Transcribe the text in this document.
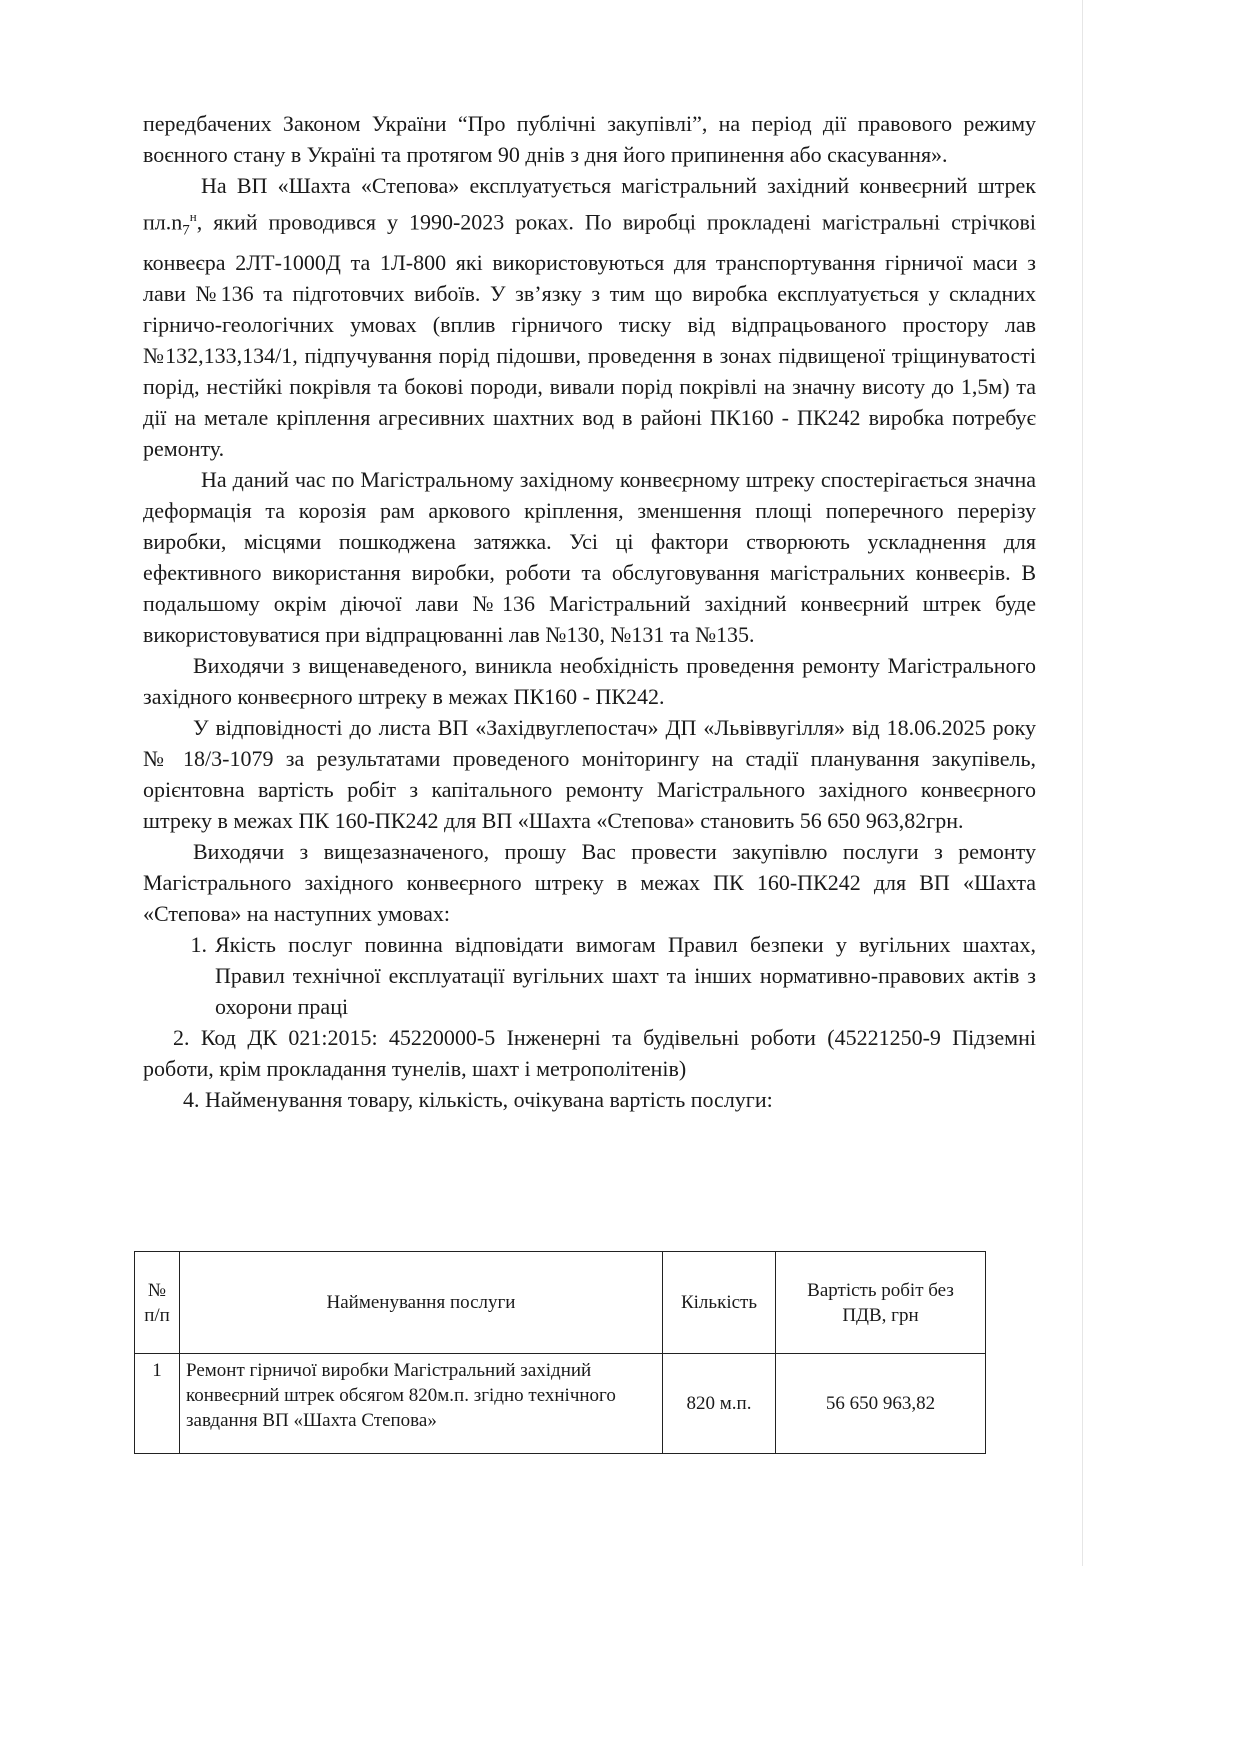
передбачених Законом України “Про публічні закупівлі”, на період дії правового режиму воєнного стану в Україні та протягом 90 днів з дня його припинення або скасування».

На ВП «Шахта «Степова» експлуатується магістральний західний конвеєрний штрек $пл.n_7^н$, який проводився у 1990-2023 роках. По виробці прокладені магістральні стрічкові конвеєра 2ЛТ-1000Д та 1Л-800 які використовуються для транспортування гірничої маси з лави №136 та підготовчих вибоїв. У зв’язку з тим що виробка експлуатується у складних гірничо-геологічних умовах (вплив гірничого тиску від відпрацьованого простору лав №132,133,134/1, підпучування порід підошви, проведення в зонах підвищеної тріщинуватості порід, нестійкі покрівля та бокові породи, вивали порід покрівлі на значну висоту до 1,5м) та дії на метале кріплення агресивних шахтних вод в районі ПК160 - ПК242 виробка потребує ремонту.

На даний час по Магістральному західному конвеєрному штреку спостерігається значна деформація та корозія рам аркового кріплення, зменшення площі поперечного перерізу виробки, місцями пошкоджена затяжка. Усі ці фактори створюють ускладнення для ефективного використання виробки, роботи та обслуговування магістральних конвеєрів. В подальшому окрім діючої лави №136 Магістральний західний конвеєрний штрек буде використовуватися при відпрацюванні лав №130, №131 та №135.

Виходячи з вищенаведеного, виникла необхідність проведення ремонту Магістрального західного конвеєрного штреку в межах ПК160 - ПК242.

У відповідності до листа ВП «Західвуглепостач» ДП «Львіввугілля» від 18.06.2025 року № 18/3-1079 за результатами проведеного моніторингу на стадії планування закупівель, орієнтовна вартість робіт з капітального ремонту Магістрального західного конвеєрного штреку в межах ПК 160-ПК242 для ВП «Шахта «Степова» становить 56 650 963,82грн.

Виходячи з вищезазначеного, прошу Вас провести закупівлю послуги з ремонту Магістрального західного конвеєрного штреку в межах ПК 160-ПК242 для ВП «Шахта «Степова» на наступних умовах:

1. Якість послуг повинна відповідати вимогам Правил безпеки у вугільних шахтах, Правил технічної експлуатації вугільних шахт та інших нормативно-правових актів з охорони праці

2. Код ДК 021:2015: 45220000-5 Інженерні та будівельні роботи (45221250-9 Підземні роботи, крім прокладання тунелів, шахт і метрополітенів)

4. Найменування товару, кількість, очікувана вартість послуги:

№ п/п	Найменування послуги	Кількість	Вартість робіт без ПДВ, грн
1	Ремонт гірничої виробки Магістральний західний конвеєрний штрек обсягом 820м.п. згідно технічного завдання ВП «Шахта Степова»	820 м.п.	56 650 963,82
